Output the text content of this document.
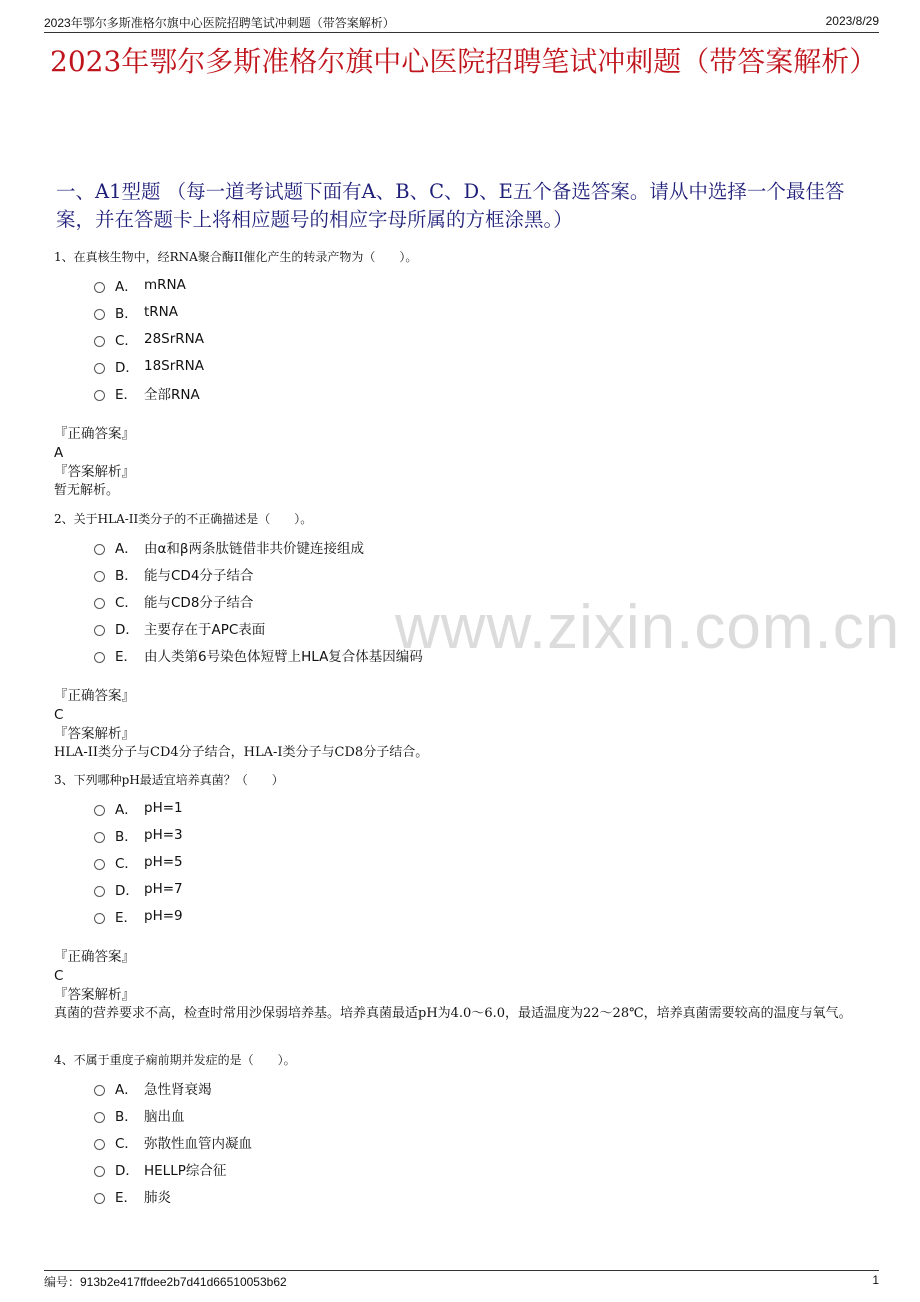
2023年鄂尔多斯准格尔旗中心医院招聘笔试冲刺题（带答案解析）	2023/8/29
2023年鄂尔多斯准格尔旗中心医院招聘笔试冲刺题（带答案解析）
一、A1型题 （每一道考试题下面有A、B、C、D、E五个备选答案。请从中选择一个最佳答案，并在答题卡上将相应题号的相应字母所属的方框涂黑。）
www.zixin.com.cn
1、在真核生物中，经RNA聚合酶II催化产生的转录产物为（　　）。
A． mRNA
B． tRNA
C． 28SrRNA
D． 18SrRNA
E． 全部RNA
『正确答案』
A
『答案解析』
暂无解析。
2、关于HLA-II类分子的不正确描述是（　　）。
A． 由α和β两条肽链借非共价键连接组成
B． 能与CD4分子结合
C． 能与CD8分子结合
D． 主要存在于APC表面
E． 由人类第6号染色体短臂上HLA复合体基因编码
『正确答案』
C
『答案解析』
HLA-II类分子与CD4分子结合，HLA-I类分子与CD8分子结合。
3、下列哪种pH最适宜培养真菌？（　　）
A． pH=1
B． pH=3
C． pH=5
D． pH=7
E． pH=9
『正确答案』
C
『答案解析』
真菌的营养要求不高，检查时常用沙保弱培养基。培养真菌最适pH为4.0～6.0，最适温度为22～28℃，培养真菌需要较高的温度与氧气。
4、不属于重度子痫前期并发症的是（　　）。
A． 急性肾衰竭
B． 脑出血
C． 弥散性血管内凝血
D． HELLP综合征
E． 肺炎
编号：913b2e417ffdee2b7d41d66510053b62	1
